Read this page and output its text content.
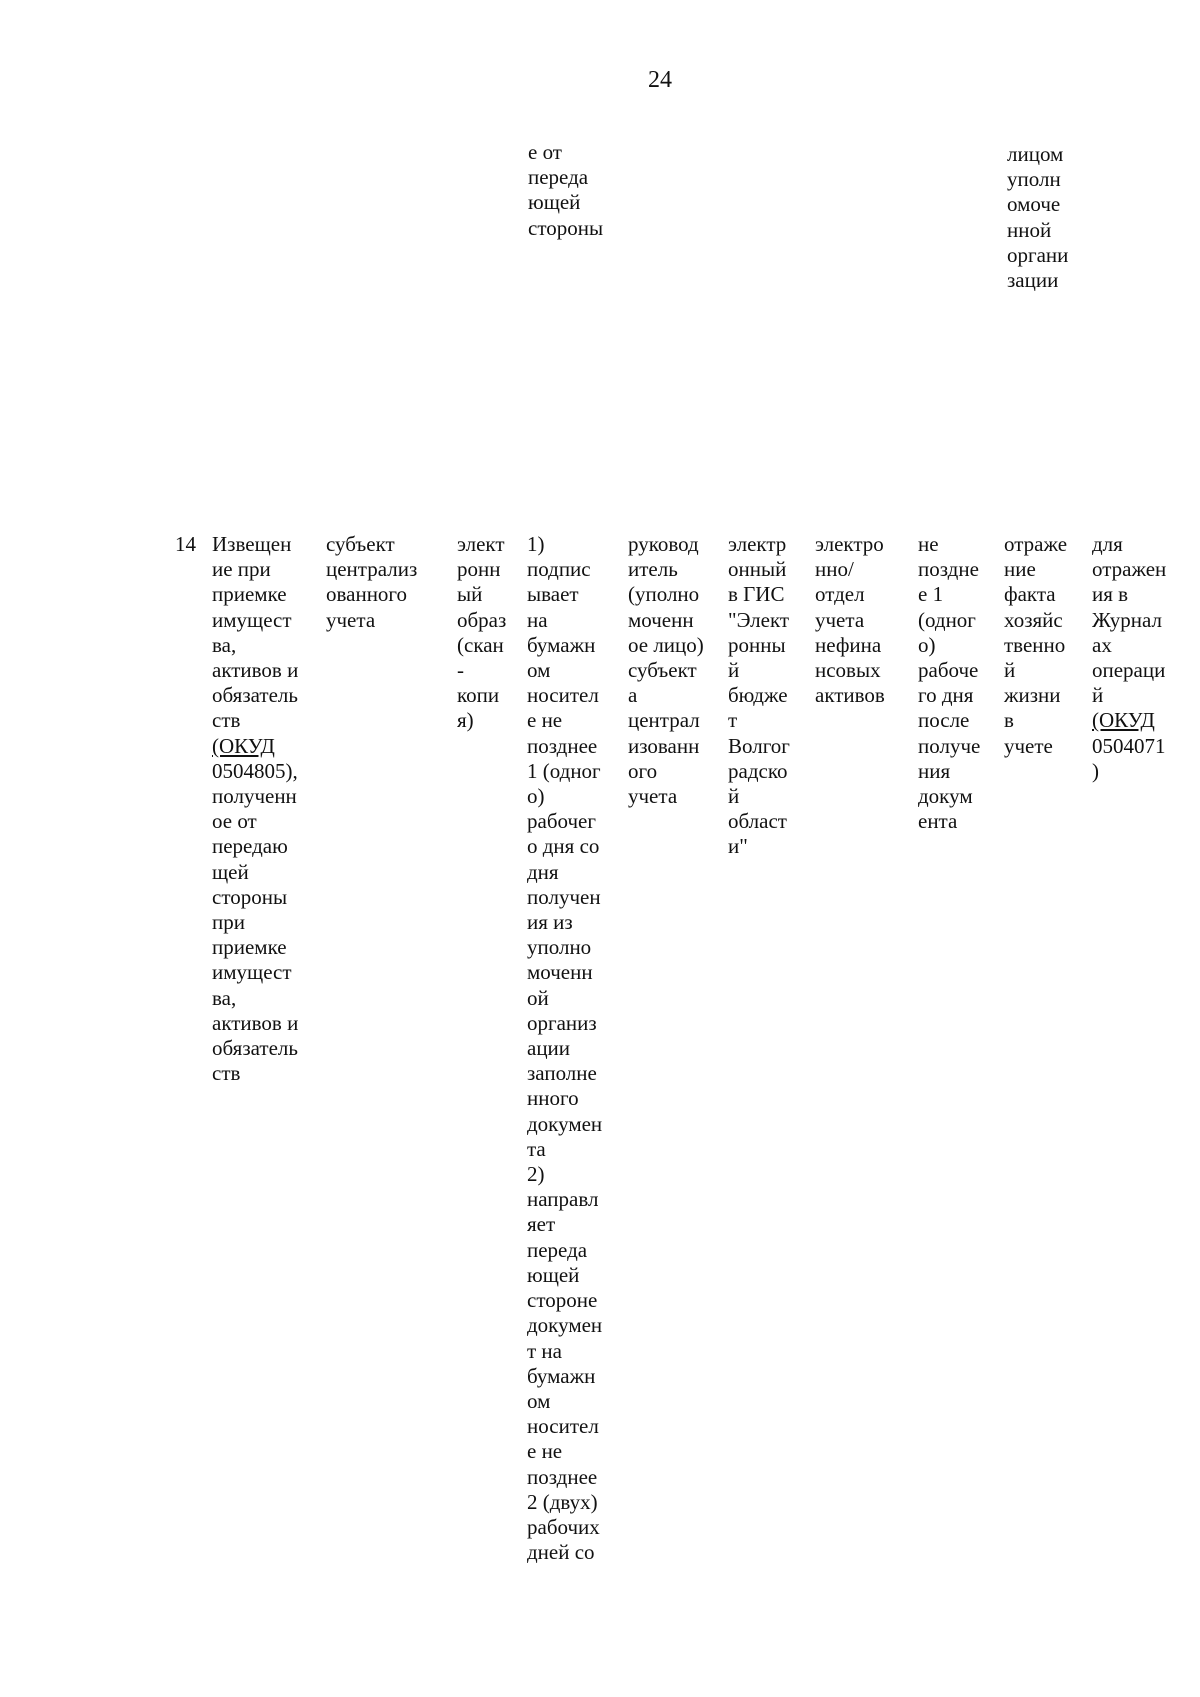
24
е от
переда
ющей
стороны
лицом
уполн
омоче
нной
органи
зации
14 Извещен
ие при
приемке
имущест
ва,
активов и
обязатель
ств
(ОКУД
0504805),
полученн
ое от
передаю
щей
стороны
при
приемке
имущест
ва,
активов и
обязатель
ств
субъект
централиз
ованного
учета
элект
ронн
ый
образ
(скан
-
копи
я)
1)
подпис
ывает
на
бумажн
ом
носител
е не
позднее
1 (одног
о)
рабочег
о дня со
дня
получен
ия из
уполно
моченн
ой
организ
ации
заполне
нного
докумен
та
2)
направл
яет
переда
ющей
стороне
докумен
т на
бумажн
ом
носител
е не
позднее
2 (двух)
рабочих
дней со
руковод
итель
(уполно
моченн
ое лицо)
субъект
а
централ
изованн
ого
учета
электр
онный
в ГИС
"Элект
ронны
й
бюдже
т
Волгог
радско
й
област
и"
электро
нно/
отдел
учета
нефина
нсовых
активов
не
поздне
е 1
(одног
о)
рабоче
го дня
после
получе
ния
докум
ента
отраже
ние
факта
хозяйс
твенно
й
жизни
в
учете
для
отражен
ия в
Журнал
ах
операци
й
(ОКУД
0504071
)
